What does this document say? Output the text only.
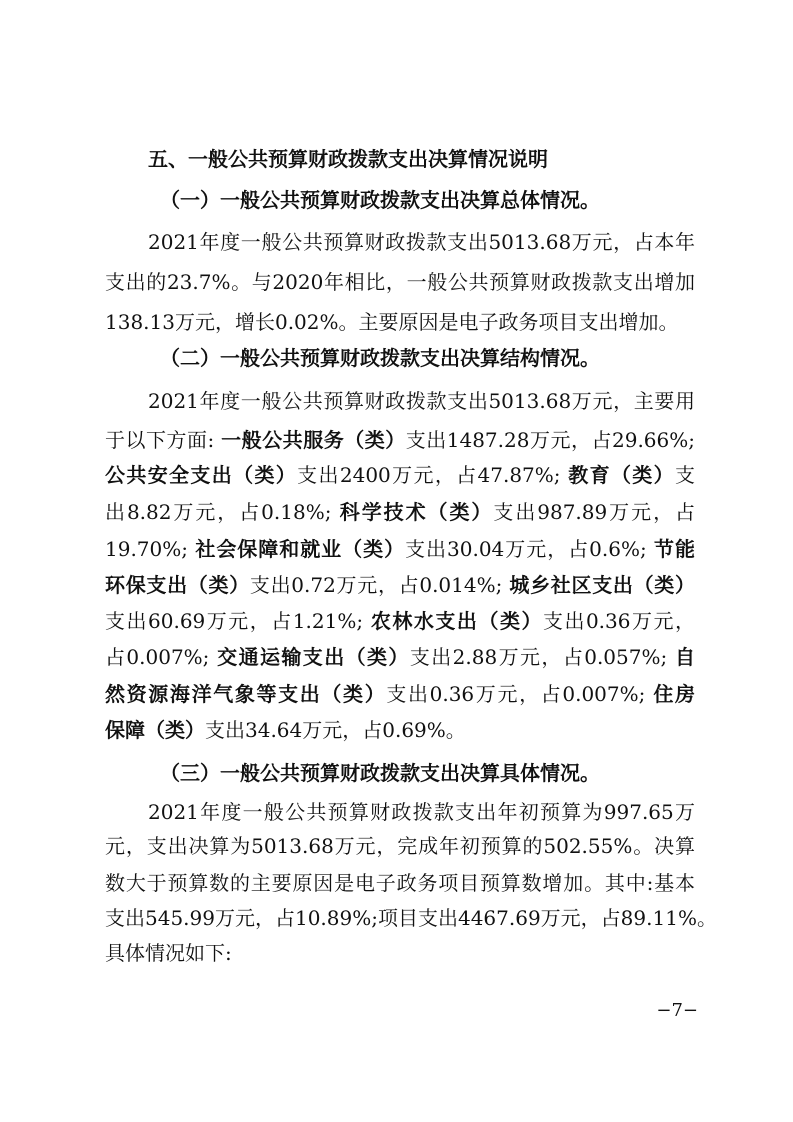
五、一般公共预算财政拨款支出决算情况说明
（一）一般公共预算财政拨款支出决算总体情况。
2021年度一般公共预算财政拨款支出5013.68万元，占本年
支出的23.7%。与2020年相比，一般公共预算财政拨款支出增加
138.13万元，增长0.02%。主要原因是电子政务项目支出增加。
（二）一般公共预算财政拨款支出决算结构情况。
2021年度一般公共预算财政拨款支出5013.68万元，主要用
于以下方面: 一般公共服务（类）支出1487.28万元，占29.66%;
公共安全支出（类）支出2400万元，占47.87%; 教育（类）支
出8.82万元，占0.18%; 科学技术（类）支出987.89万元，占
19.70%; 社会保障和就业（类）支出30.04万元，占0.6%; 节能
环保支出（类）支出0.72万元，占0.014%; 城乡社区支出（类）
支出60.69万元，占1.21%; 农林水支出（类）支出0.36万元，
占0.007%; 交通运输支出（类）支出2.88万元，占0.057%; 自
然资源海洋气象等支出（类）支出0.36万元，占0.007%; 住房
保障（类）支出34.64万元，占0.69%。
（三）一般公共预算财政拨款支出决算具体情况。
2021年度一般公共预算财政拨款支出年初预算为997.65万
元，支出决算为5013.68万元，完成年初预算的502.55%。决算
数大于预算数的主要原因是电子政务项目预算数增加。其中:基本
支出545.99万元，占10.89%;项目支出4467.69万元，占89.11%。
具体情况如下:
−7−
